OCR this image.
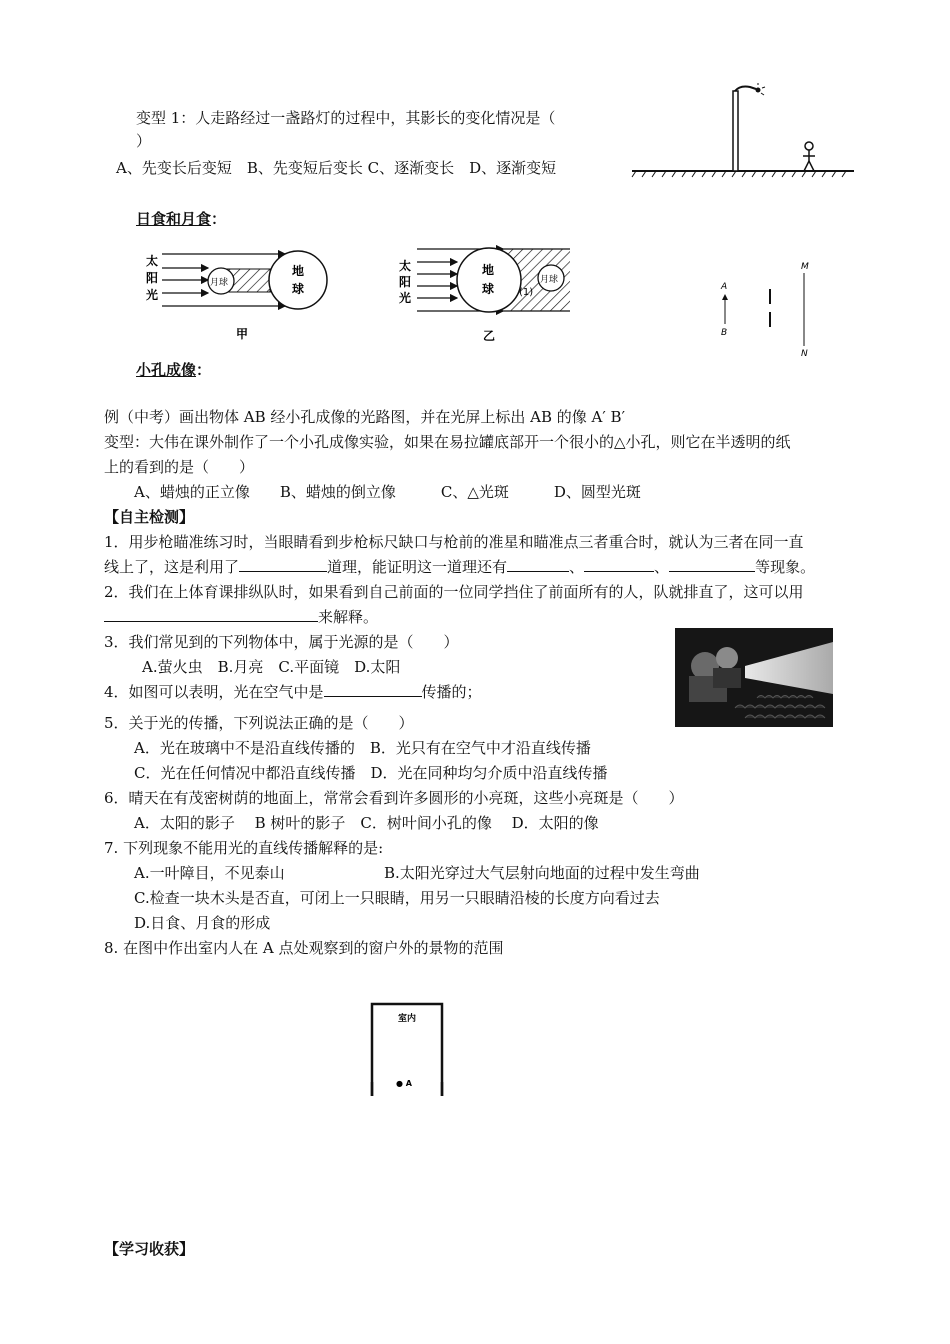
变型 1：人走路经过一盏路灯的过程中，其影长的变化情况是（
）
A、先变长后变短　B、先变短后变长 C、逐渐变长　D、逐渐变短
日食和月食：
太
阳
光
月球
地
球
甲
太
阳
光
地
球
月球
(1)
乙
M
N
A
B
小孔成像：
例（中考）画出物体 AB 经小孔成像的光路图，并在光屏上标出 AB 的像 A′ B′
变型：大伟在课外制作了一个小孔成像实验，如果在易拉罐底部开一个很小的△小孔，则它在半透明的纸
上的看到的是（　　）
A、蜡烛的正立像　　B、蜡烛的倒立像　　　C、△光斑　　　D、圆型光斑
【自主检测】
1．用步枪瞄准练习时，当眼睛看到步枪标尺缺口与枪前的准星和瞄准点三者重合时，就认为三者在同一直
线上了，这是利用了	道理，能证明这一道理还有	、	、	等现象。
2．我们在上体育课排纵队时，如果看到自己前面的一位同学挡住了前面所有的人，队就排直了，这可以用
来解释。
3．我们常见到的下列物体中，属于光源的是（　　）
A.萤火虫　B.月亮　C.平面镜　D.太阳
4．如图可以表明，光在空气中是	传播的；
5．关于光的传播，下列说法正确的是（　　）
A．光在玻璃中不是沿直线传播的　B．光只有在空气中才沿直线传播
C．光在任何情况中都沿直线传播　D．光在同种均匀介质中沿直线传播
6．晴天在有茂密树荫的地面上，常常会看到许多圆形的小亮斑，这些小亮斑是（　　）
A．太阳的影子　 B 树叶的影子　C．树叶间小孔的像　 D．太阳的像
7. 下列现象不能用光的直线传播解释的是:
A.一叶障目，不见泰山	B.太阳光穿过大气层射向地面的过程中发生弯曲
C.检查一块木头是否直，可闭上一只眼睛，用另一只眼睛沿棱的长度方向看过去
D.日食、月食的形成
8. 在图中作出室内人在 A 点处观察到的窗户外的景物的范围
室内
● A
【学习收获】
